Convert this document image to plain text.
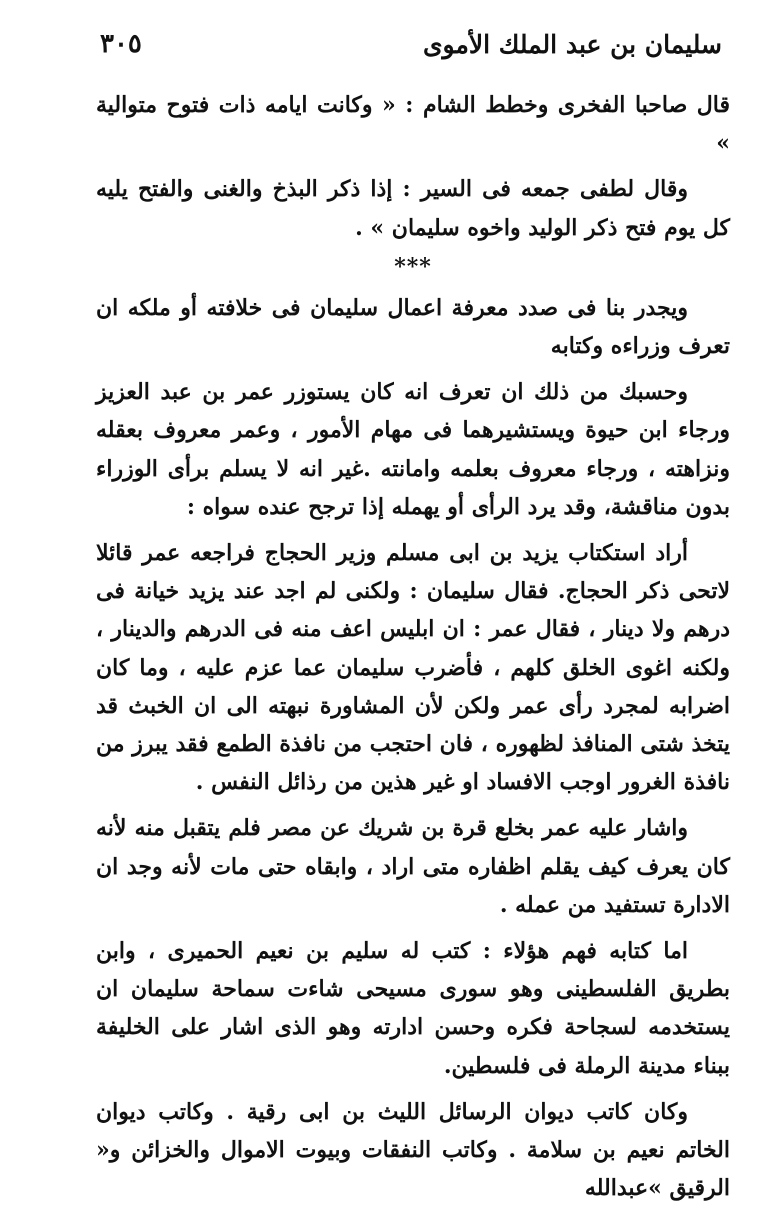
سليمان بن عبد الملك الأموى
٣٠٥

قال صاحبا الفخرى وخطط الشام : « وكانت ايامه ذات فتوح متوالية »

وقال لطفى جمعه فى السير : إذا ذكر البذخ والغنى والفتح يليه كل يوم فتح ذكر الوليد واخوه سليمان » .

***

ويجدر بنا فى صدد معرفة اعمال سليمان فى خلافته أو ملكه ان تعرف وزراءه وكتابه

وحسبك من ذلك ان تعرف انه كان يستوزر عمر بن عبد العزيز ورجاء ابن حيوة ويستشيرهما فى مهام الأمور ، وعمر معروف بعقله ونزاهته ، ورجاء معروف بعلمه وامانته .غير انه لا يسلم برأى الوزراء بدون مناقشة، وقد يرد الرأى أو يهمله إذا ترجح عنده سواه :

أراد استكتاب يزيد بن ابى مسلم وزير الحجاج فراجعه عمر قائلا لاتحى ذكر الحجاج. فقال سليمان : ولكنى لم اجد عند يزيد خيانة فى درهم ولا دينار ، فقال عمر : ان ابليس اعف منه فى الدرهم والدينار ، ولكنه اغوى الخلق كلهم ، فأضرب سليمان عما عزم عليه ، وما كان اضرابه لمجرد رأى عمر ولكن لأن المشاورة نبهته الى ان الخبث قد يتخذ شتى المنافذ لظهوره ، فان احتجب من نافذة الطمع فقد يبرز من نافذة الغرور اوجب الافساد او غير هذين من رذائل النفس .

واشار عليه عمر بخلع قرة بن شريك عن مصر فلم يتقبل منه لأنه كان يعرف كيف يقلم اظفاره متى اراد ، وابقاه حتى مات لأنه وجد ان الادارة تستفيد من عمله .

اما كتابه فهم هؤلاء : كتب له سليم بن نعيم الحميرى ، وابن بطريق الفلسطينى وهو سورى مسيحى شاءت سماحة سليمان ان يستخدمه لسجاحة فكره وحسن ادارته وهو الذى اشار على الخليفة ببناء مدينة الرملة فى فلسطين.

وكان كاتب ديوان الرسائل الليث بن ابى رقية . وكاتب ديوان الخاتم نعيم بن سلامة . وكاتب النفقات وبيوت الاموال والخزائن و« الرقيق »عبدالله
